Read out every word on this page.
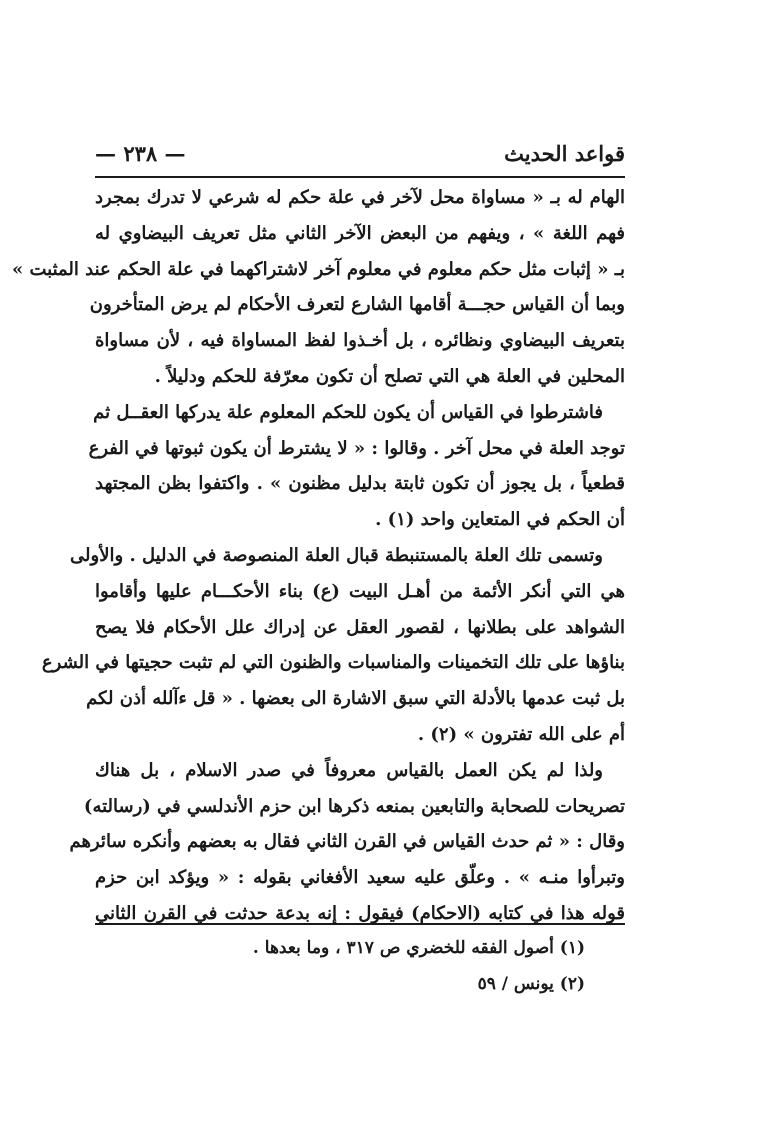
قواعد الحديث
— ٢٣٨ —
الهام له بـ « مساواة محل لآخر في علة حكم له شرعي لا تدرك بمجرد
فهم اللغة » ، ويفهم من البعض الآخر الثاني مثل تعريف البيضاوي له
بـ « إثبات مثل حكم معلوم في معلوم آخر لاشتراكهما في علة الحكم عند المثبت »
وبما أن القياس حجـــة أقامها الشارع لتعرف الأحكام لم يرض المتأخرون
بتعريف البيضاوي ونظائره ، بل أخـذوا لفظ المساواة فيه ، لأن مساواة
المحلين في العلة هي التي تصلح أن تكون معرّفة للحكم ودليلاً .
فاشترطوا في القياس أن يكون للحكم المعلوم علة يدركها العقــل ثم
توجد العلة في محل آخر . وقالوا : « لا يشترط أن يكون ثبوتها في الفرع
قطعياً ، بل يجوز أن تكون ثابتة بدليل مظنون » . واكتفوا بظن المجتهد
أن الحكم في المتعاين واحد (١) .
وتسمى تلك العلة بالمستنبطة قبال العلة المنصوصة في الدليل . والأولى
هي التي أنكر الأئمة من أهـل البيت (ع) بناء الأحكـــام عليها وأقاموا
الشواهد على بطلانها ، لقصور العقل عن إدراك علل الأحكام فلا يصح
بناؤها على تلك التخمينات والمناسبات والظنون التي لم تثبت حجيتها في الشرع
بل ثبت عدمها بالأدلة التي سبق الاشارة الى بعضها . « قل ءآلله أذن لكم
أم على الله تفترون » (٢) .
ولذا لم يكن العمل بالقياس معروفاً في صدر الاسلام ، بل هناك
تصريحات للصحابة والتابعين بمنعه ذكرها ابن حزم الأندلسي في (رسالته)
وقال : « ثم حدث القياس في القرن الثاني فقال به بعضهم وأنكره سائرهم
وتبرأوا منـه » . وعلّق عليه سعيد الأفغاني بقوله : « ويؤكد ابن حزم
قوله هذا في كتابه (الاحكام) فيقول : إنه بدعة حدثت في القرن الثاني
(١) أصول الفقه للخضري ص ٣١٧ ، وما بعدها .
(٢) يونس / ٥٩
